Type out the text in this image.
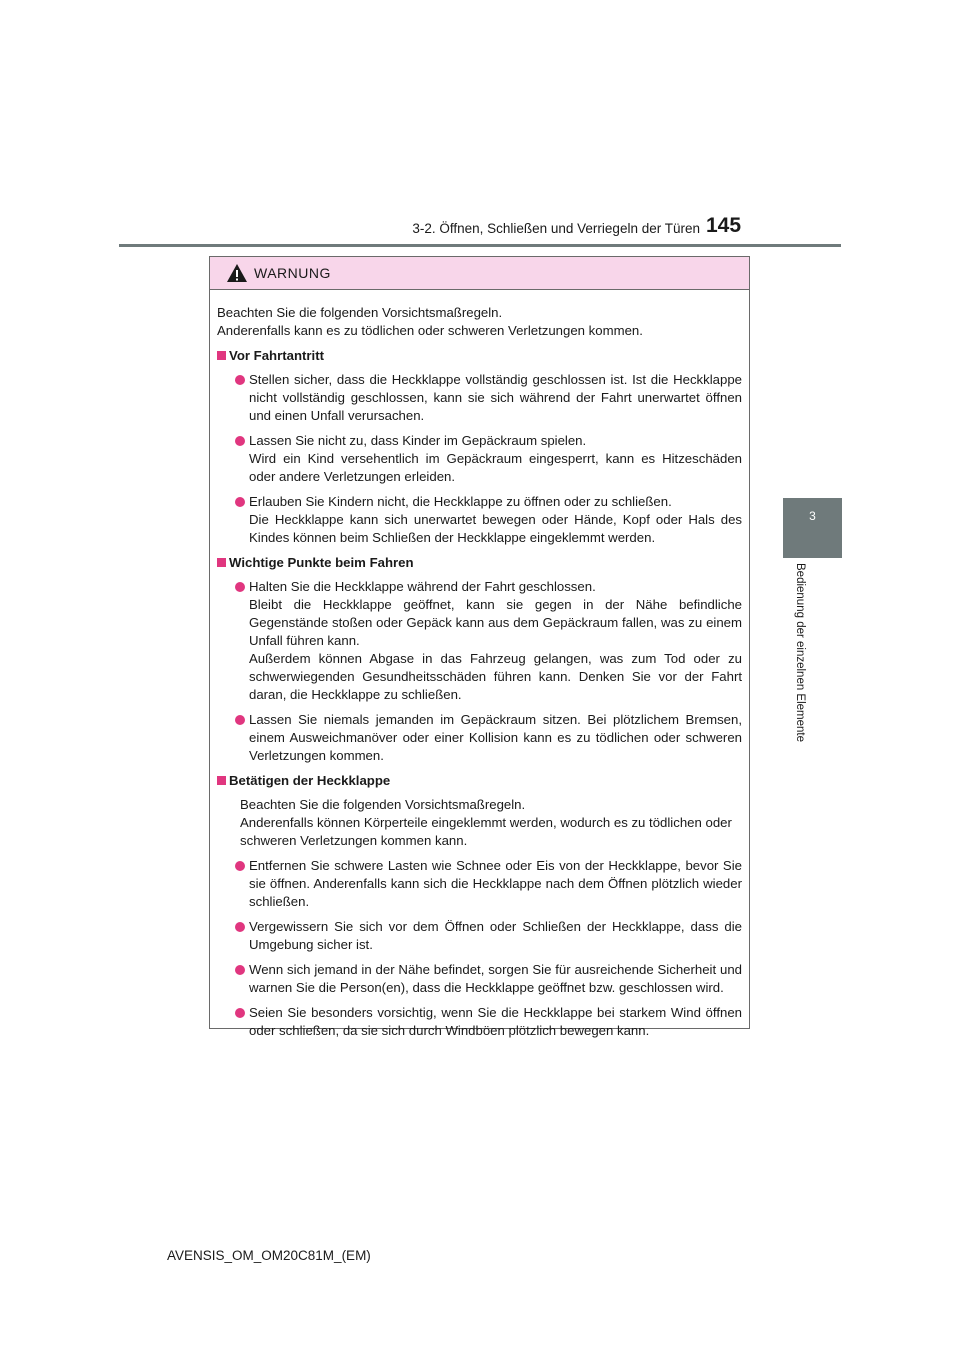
3-2. Öffnen, Schließen und Verriegeln der Türen 145
3
Bedienung der einzelnen Elemente
WARNUNG
Beachten Sie die folgenden Vorsichtsmaßregeln.
Anderenfalls kann es zu tödlichen oder schweren Verletzungen kommen.
Vor Fahrtantritt
Stellen sicher, dass die Heckklappe vollständig geschlossen ist. Ist die Heckklappe nicht vollständig geschlossen, kann sie sich während der Fahrt unerwartet öffnen und einen Unfall verursachen.
Lassen Sie nicht zu, dass Kinder im Gepäckraum spielen.
Wird ein Kind versehentlich im Gepäckraum eingesperrt, kann es Hitzeschäden oder andere Verletzungen erleiden.
Erlauben Sie Kindern nicht, die Heckklappe zu öffnen oder zu schließen.
Die Heckklappe kann sich unerwartet bewegen oder Hände, Kopf oder Hals des Kindes können beim Schließen der Heckklappe eingeklemmt werden.
Wichtige Punkte beim Fahren
Halten Sie die Heckklappe während der Fahrt geschlossen.
Bleibt die Heckklappe geöffnet, kann sie gegen in der Nähe befindliche Gegenstände stoßen oder Gepäck kann aus dem Gepäckraum fallen, was zu einem Unfall führen kann.
Außerdem können Abgase in das Fahrzeug gelangen, was zum Tod oder zu schwerwiegenden Gesundheitsschäden führen kann. Denken Sie vor der Fahrt daran, die Heckklappe zu schließen.
Lassen Sie niemals jemanden im Gepäckraum sitzen. Bei plötzlichem Bremsen, einem Ausweichmanöver oder einer Kollision kann es zu tödlichen oder schweren Verletzungen kommen.
Betätigen der Heckklappe
Beachten Sie die folgenden Vorsichtsmaßregeln.
Anderenfalls können Körperteile eingeklemmt werden, wodurch es zu tödlichen oder schweren Verletzungen kommen kann.
Entfernen Sie schwere Lasten wie Schnee oder Eis von der Heckklappe, bevor Sie sie öffnen. Anderenfalls kann sich die Heckklappe nach dem Öffnen plötzlich wieder schließen.
Vergewissern Sie sich vor dem Öffnen oder Schließen der Heckklappe, dass die Umgebung sicher ist.
Wenn sich jemand in der Nähe befindet, sorgen Sie für ausreichende Sicherheit und warnen Sie die Person(en), dass die Heckklappe geöffnet bzw. geschlossen wird.
Seien Sie besonders vorsichtig, wenn Sie die Heckklappe bei starkem Wind öffnen oder schließen, da sie sich durch Windböen plötzlich bewegen kann.
AVENSIS_OM_OM20C81M_(EM)
